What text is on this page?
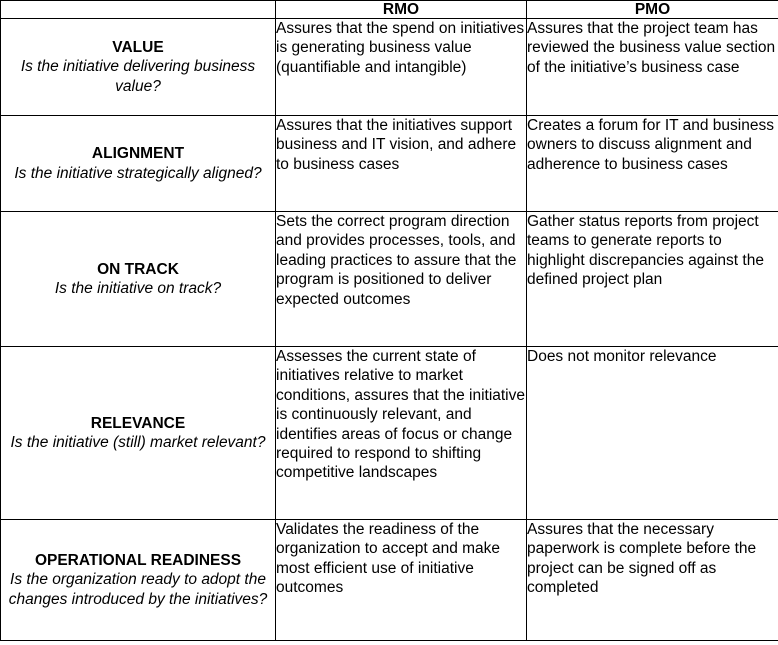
	RMO	PMO

VALUE
Is the initiative delivering business value?	Assures that the spend on initiatives is generating business value (quantifiable and intangible)	Assures that the project team has reviewed the business value section of the initiative’s business case

ALIGNMENT
Is the initiative strategically aligned?	Assures that the initiatives support business and IT vision, and adhere to business cases	Creates a forum for IT and business owners to discuss alignment and adherence to business cases

ON TRACK
Is the initiative on track?	Sets the correct program direction and provides processes, tools, and leading practices to assure that the program is positioned to deliver expected outcomes	Gather status reports from project teams to generate reports to highlight discrepancies against the defined project plan

RELEVANCE
Is the initiative (still) market relevant?	Assesses the current state of initiatives relative to market conditions, assures that the initiative is continuously relevant, and identifies areas of focus or change required to respond to shifting competitive landscapes	Does not monitor relevance

OPERATIONAL READINESS
Is the organization ready to adopt the changes introduced by the initiatives?	Validates the readiness of the organization to accept and make most efficient use of initiative outcomes	Assures that the necessary paperwork is complete before the project can be signed off as completed
